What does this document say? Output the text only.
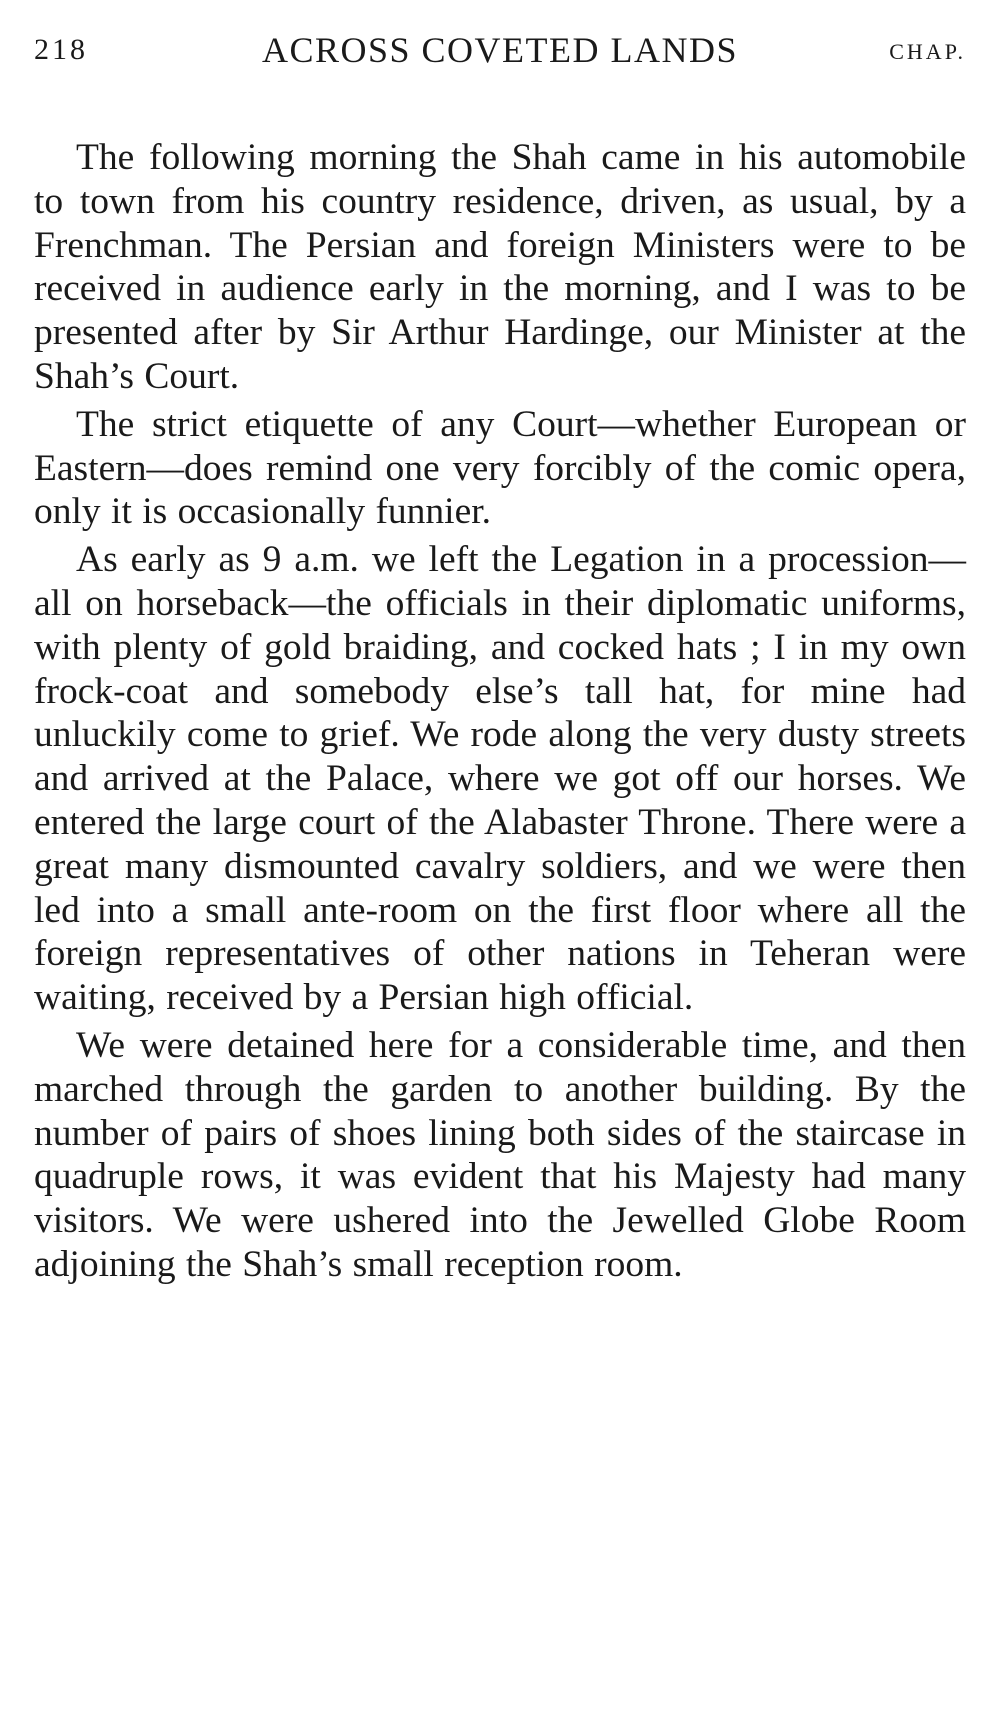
218	ACROSS COVETED LANDS	CHAP.

The following morning the Shah came in his automobile to town from his country residence, driven, as usual, by a Frenchman. The Persian and foreign Ministers were to be received in audience early in the morning, and I was to be presented after by Sir Arthur Hardinge, our Minister at the Shah’s Court.

The strict etiquette of any Court—whether European or Eastern—does remind one very forcibly of the comic opera, only it is occasionally funnier.

As early as 9 a.m. we left the Legation in a procession—all on horseback—the officials in their diplomatic uniforms, with plenty of gold braiding, and cocked hats ; I in my own frock-coat and somebody else’s tall hat, for mine had unluckily come to grief. We rode along the very dusty streets and arrived at the Palace, where we got off our horses. We entered the large court of the Alabaster Throne. There were a great many dismounted cavalry soldiers, and we were then led into a small ante-room on the first floor where all the foreign representatives of other nations in Teheran were waiting, received by a Persian high official.

We were detained here for a considerable time, and then marched through the garden to another building. By the number of pairs of shoes lining both sides of the staircase in quadruple rows, it was evident that his Majesty had many visitors. We were ushered into the Jewelled Globe Room adjoining the Shah’s small reception room.
